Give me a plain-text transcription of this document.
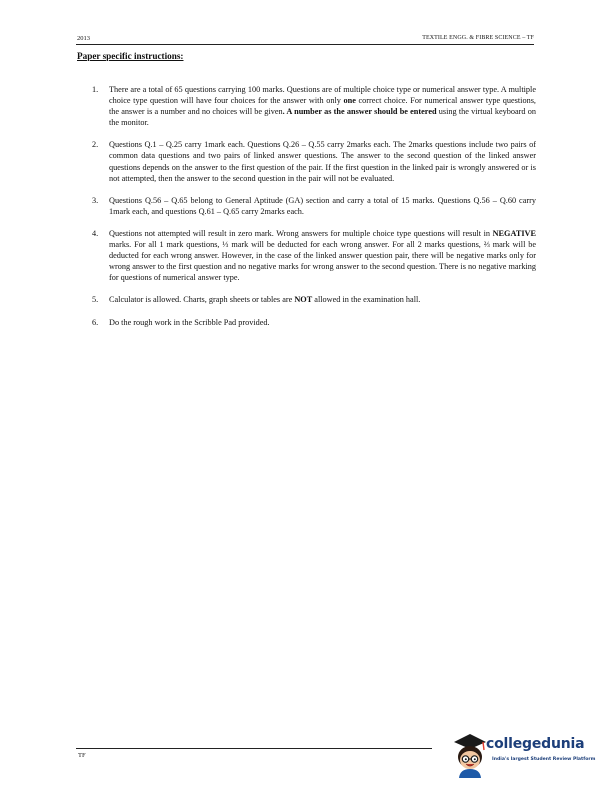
2013	TEXTILE ENGG. & FIBRE SCIENCE – TF
Paper specific instructions:
1.	There are a total of 65 questions carrying 100 marks. Questions are of multiple choice type or numerical answer type. A multiple choice type question will have four choices for the answer with only one correct choice. For numerical answer type questions, the answer is a number and no choices will be given. A number as the answer should be entered using the virtual keyboard on the monitor.
2.	Questions Q.1 – Q.25 carry 1mark each. Questions Q.26 – Q.55 carry 2marks each. The 2marks questions include two pairs of common data questions and two pairs of linked answer questions. The answer to the second question of the linked answer questions depends on the answer to the first question of the pair. If the first question in the linked pair is wrongly answered or is not attempted, then the answer to the second question in the pair will not be evaluated.
3.	Questions Q.56 – Q.65 belong to General Aptitude (GA) section and carry a total of 15 marks. Questions Q.56 – Q.60 carry 1mark each, and questions Q.61 – Q.65 carry 2marks each.
4.	Questions not attempted will result in zero mark. Wrong answers for multiple choice type questions will result in NEGATIVE marks. For all 1 mark questions, ⅓ mark will be deducted for each wrong answer. For all 2 marks questions, ⅔ mark will be deducted for each wrong answer. However, in the case of the linked answer question pair, there will be negative marks only for wrong answer to the first question and no negative marks for wrong answer to the second question. There is no negative marking for questions of numerical answer type.
5.	Calculator is allowed. Charts, graph sheets or tables are NOT allowed in the examination hall.
6.	Do the rough work in the Scribble Pad provided.
TF
collegedunia
India's largest Student Review Platform
